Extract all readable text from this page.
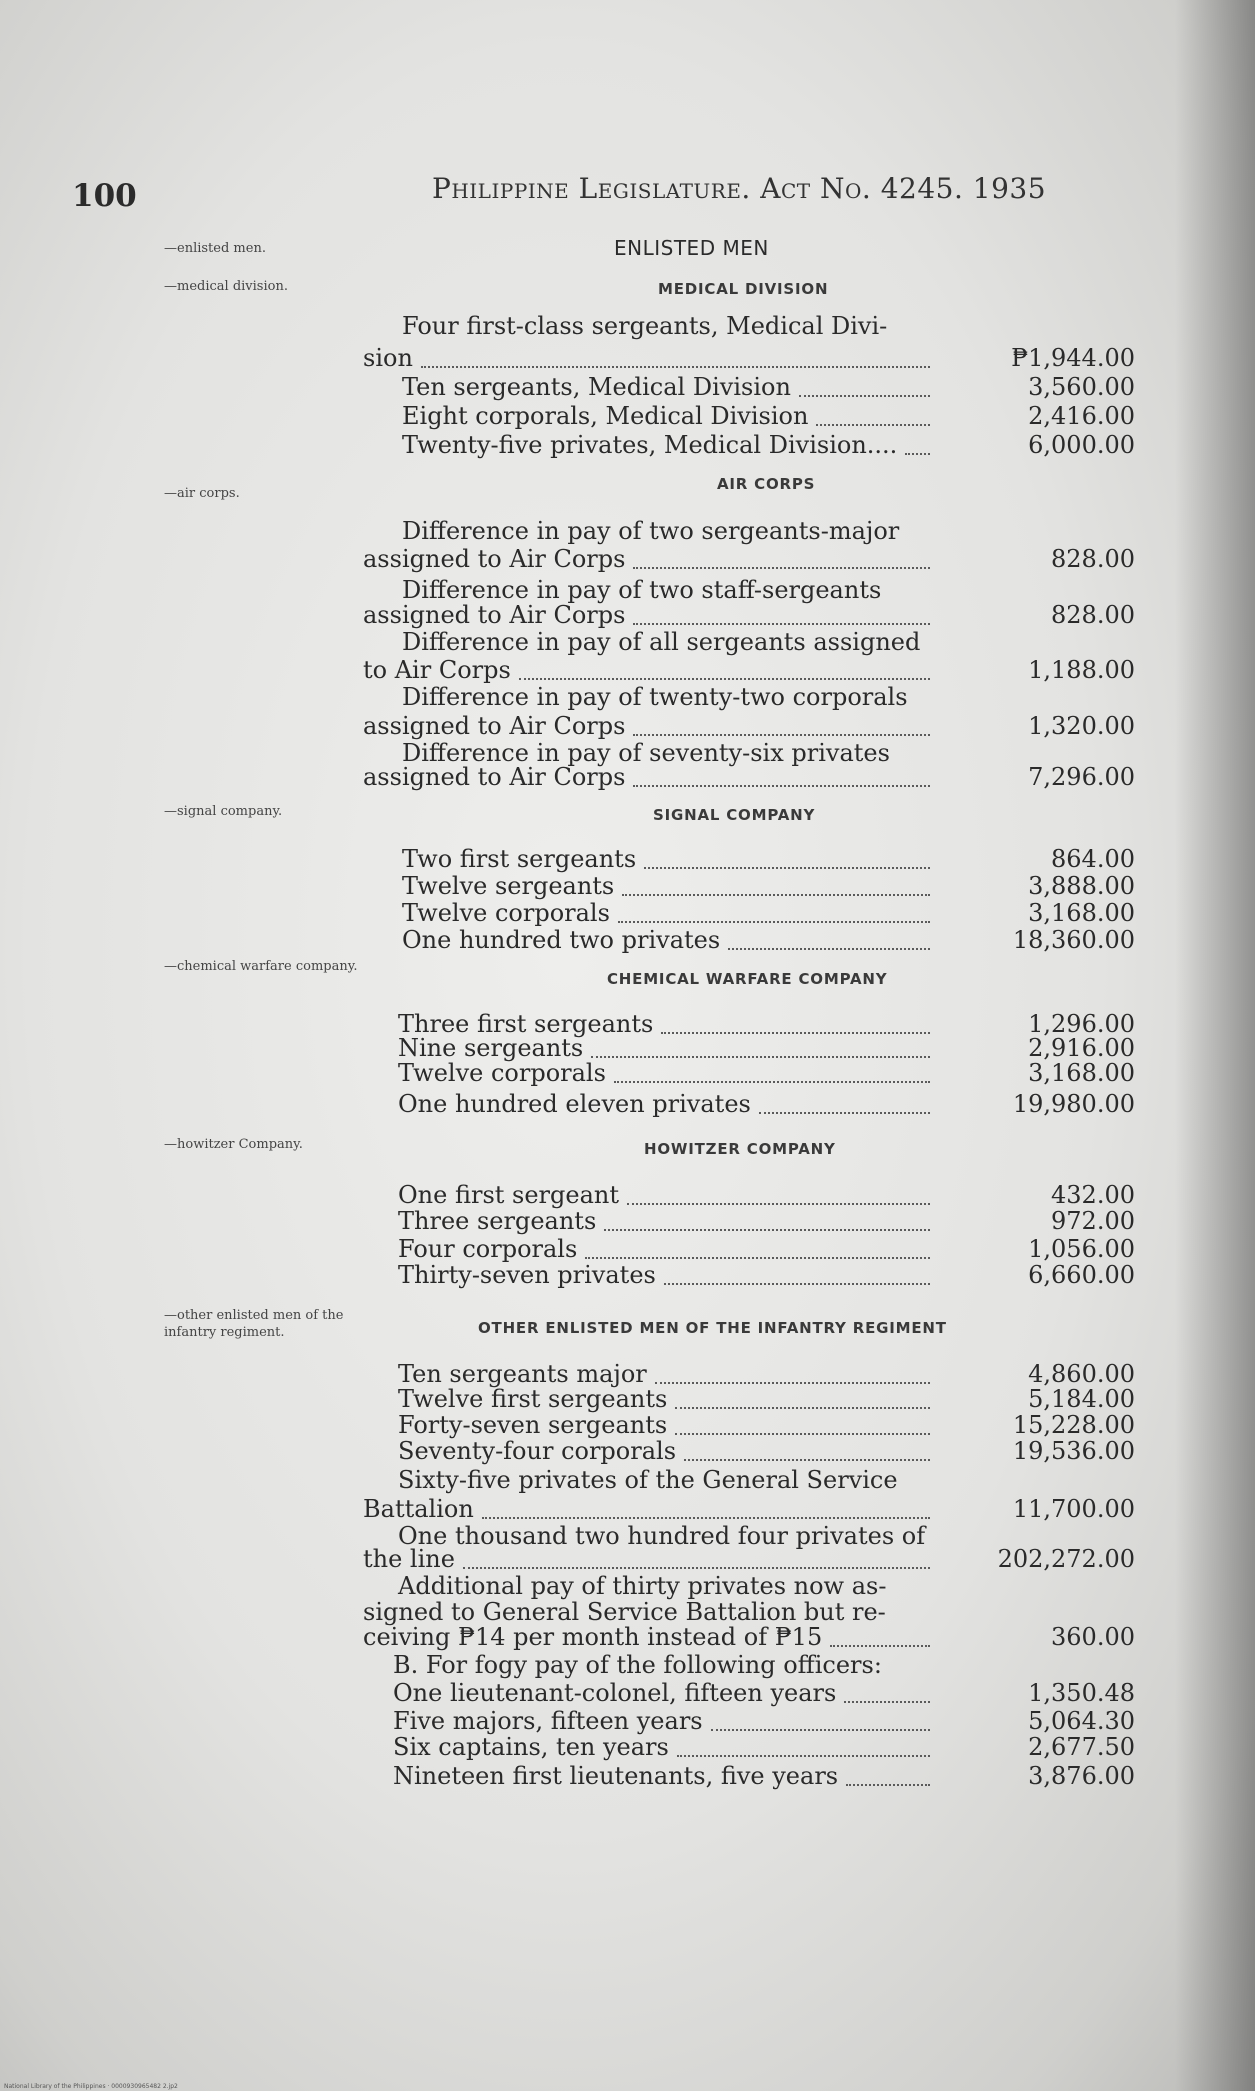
100	Philippine Legislature. Act No. 4245. 1935
—enlisted men.	ENLISTED MEN
—medical division.
—air corps.
—signal company.
—chemical warfare company.
—howitzer Company.
—other enlisted men of the infantry regiment.
MEDICAL DIVISION
Four first-class sergeants, Medical Divi-
sion	₱1,944.00
Ten sergeants, Medical Division	3,560.00
Eight corporals, Medical Division	2,416.00
Twenty-five privates, Medical Division....	6,000.00
AIR CORPS
Difference in pay of two sergeants-major
assigned to Air Corps	828.00
Difference in pay of two staff-sergeants
assigned to Air Corps	828.00
Difference in pay of all sergeants assigned
to Air Corps	1,188.00
Difference in pay of twenty-two corporals
assigned to Air Corps	1,320.00
Difference in pay of seventy-six privates
assigned to Air Corps	7,296.00
SIGNAL COMPANY
Two first sergeants	864.00
Twelve sergeants	3,888.00
Twelve corporals	3,168.00
One hundred two privates	18,360.00
CHEMICAL WARFARE COMPANY
Three first sergeants	1,296.00
Nine sergeants	2,916.00
Twelve corporals	3,168.00
One hundred eleven privates	19,980.00
HOWITZER COMPANY
One first sergeant	432.00
Three sergeants	972.00
Four corporals	1,056.00
Thirty-seven privates	6,660.00
OTHER ENLISTED MEN OF THE INFANTRY REGIMENT
Ten sergeants major	4,860.00
Twelve first sergeants	5,184.00
Forty-seven sergeants	15,228.00
Seventy-four corporals	19,536.00
Sixty-five privates of the General Service
Battalion	11,700.00
One thousand two hundred four privates of
the line	202,272.00
Additional pay of thirty privates now as-
signed to General Service Battalion but re-
ceiving ₱14 per month instead of ₱15	360.00
B. For fogy pay of the following officers:
One lieutenant-colonel, fifteen years	1,350.48
Five majors, fifteen years	5,064.30
Six captains, ten years	2,677.50
Nineteen first lieutenants, five years	3,876.00
National Library of the Philippines · 0000930965482 2.jp2
